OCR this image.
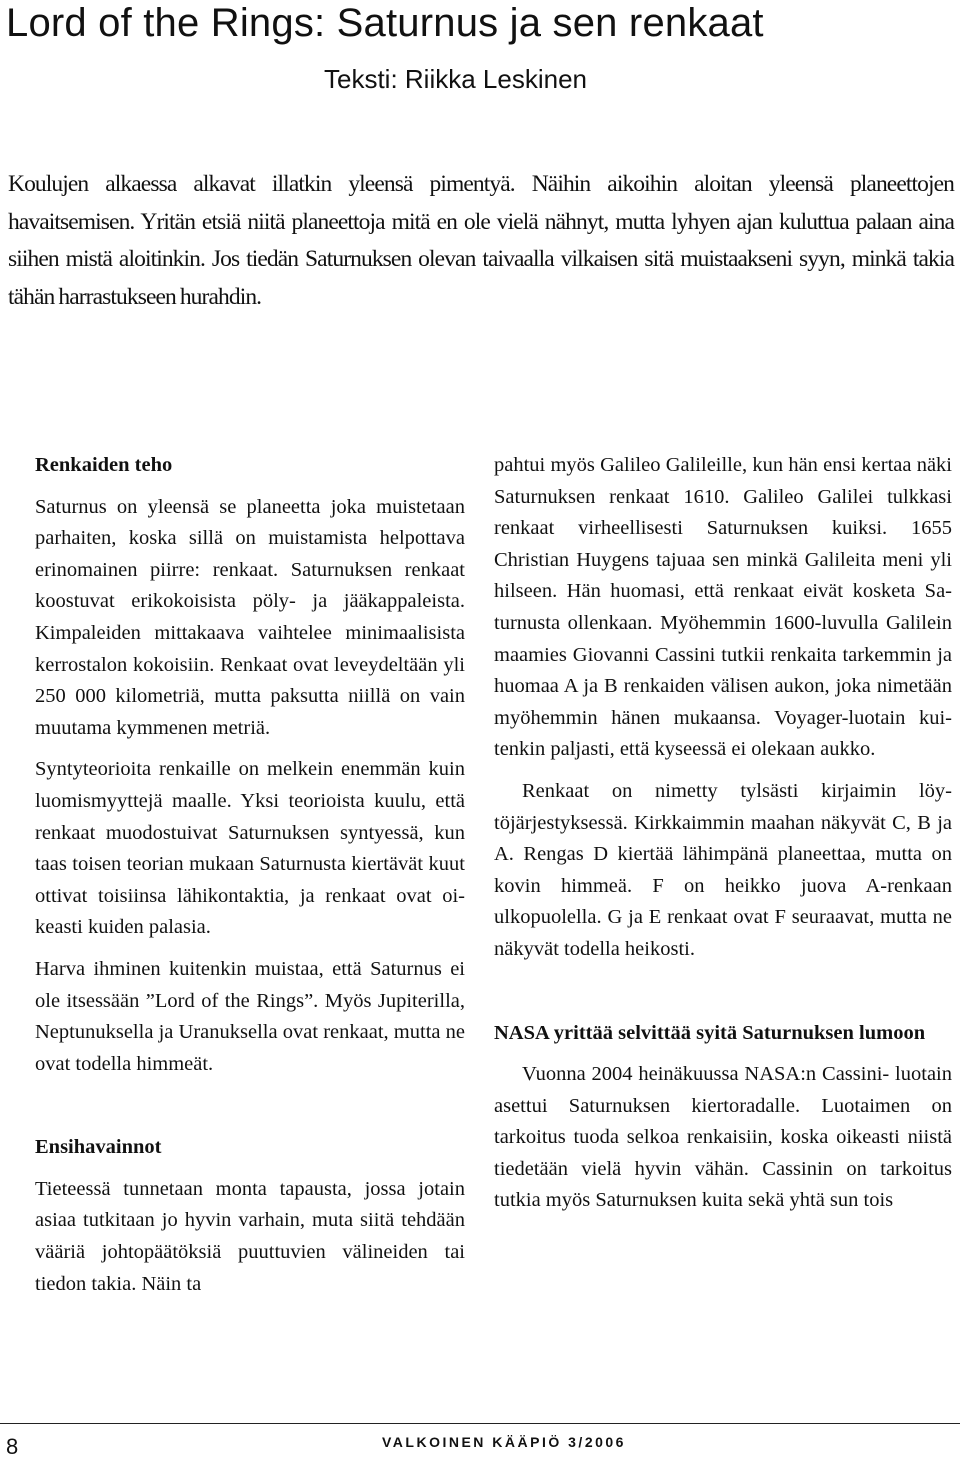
Lord of the Rings: Saturnus ja sen renkaat
Teksti: Riikka Leskinen

Koulujen alkaessa alkavat illatkin yleensä pimentyä. Näihin aikoihin aloitan yleensä planeettojen havaitsemisen. Yritän etsiä niitä planeettoja mitä en ole vielä nähnyt, mutta lyhyen ajan kuluttua palaan aina siihen mistä aloitinkin. Jos tiedän Saturnuksen olevan taivaalla vilkaisen sitä muistaakseni syyn, minkä takia tähän harrastukseen hurahdin.

Renkaiden teho

Saturnus on yleensä se planeetta joka muistetaan parhaiten, koska sillä on muistamista helpottava erinomainen piirre: renkaat. Saturnuksen renkaat koostuvat erikokoisista pöly- ja jääkappaleista. Kimpaleiden mittakaava vaihtelee minimaalisista kerrostalon kokoisiin. Renkaat ovat leveydeltään yli 250 000 kilometriä, mutta paksutta niillä on vain muutama kymmenen metriä.

Syntyteorioita renkaille on melkein enemmän kuin luomismyyttejä maalle. Yksi teorioista kuulu, että renkaat muodostuivat Saturnuksen syntyessä, kun taas toisen teorian mukaan Saturnusta kiertävät kuut ottivat toisiinsa lähikontaktia, ja renkaat ovat oikeasti kuiden palasia.

Harva ihminen kuitenkin muistaa, että Saturnus ei ole itsessään ”Lord of the Rings”. Myös Jupiterilla, Neptunuksella ja Uranuksella ovat renkaat, mutta ne ovat todella himmeät.

Ensihavainnot

Tieteessä tunnetaan monta tapausta, jossa jotain asiaa tutkitaan jo hyvin varhain, muta siitä tehdään vääriä johtopäätöksiä puuttuvien välineiden tai tiedon takia. Näin ta

pahtui myös Galileo Galileille, kun hän ensi kertaa näki Saturnuksen renkaat 1610. Galileo Galilei tulkkasi renkaat virheellisesti Saturnuksen kuiksi. 1655 Christian Huygens tajuaa sen minkä Galileita meni yli hilseen. Hän huomasi, että renkaat eivät kosketa Saturnusta ollenkaan. Myöhemmin 1600-luvulla Galilein maamies Giovanni Cassini tutkii renkaita tarkemmin ja huomaa A ja B renkaiden välisen aukon, joka nimetään myöhemmin hänen mukaansa. Voyager-luotain kuitenkin paljasti, että kyseessä ei olekaan aukko.

Renkaat on nimetty tylsästi kirjaimin löytöjärjestyksessä. Kirkkaimmin maahan näkyvät C, B ja A. Rengas D kiertää lähimpänä planeettaa, mutta on kovin himmeä. F on heikko juova A-renkaan ulkopuolella. G ja E renkaat ovat F seuraavat, mutta ne näkyvät todella heikosti.

NASA yrittää selvittää syitä Saturnuksen lumoon

Vuonna 2004 heinäkuussa NASA:n Cassini- luotain asettui Saturnuksen kiertoradalle. Luotaimen on tarkoitus tuoda selkoa renkaisiin, koska oikeasti niistä tiedetään vielä hyvin vähän. Cassinin on tarkoitus tutkia myös Saturnuksen kuita sekä yhtä sun tois

8	VALKOINEN KÄÄPIÖ 3/2006
